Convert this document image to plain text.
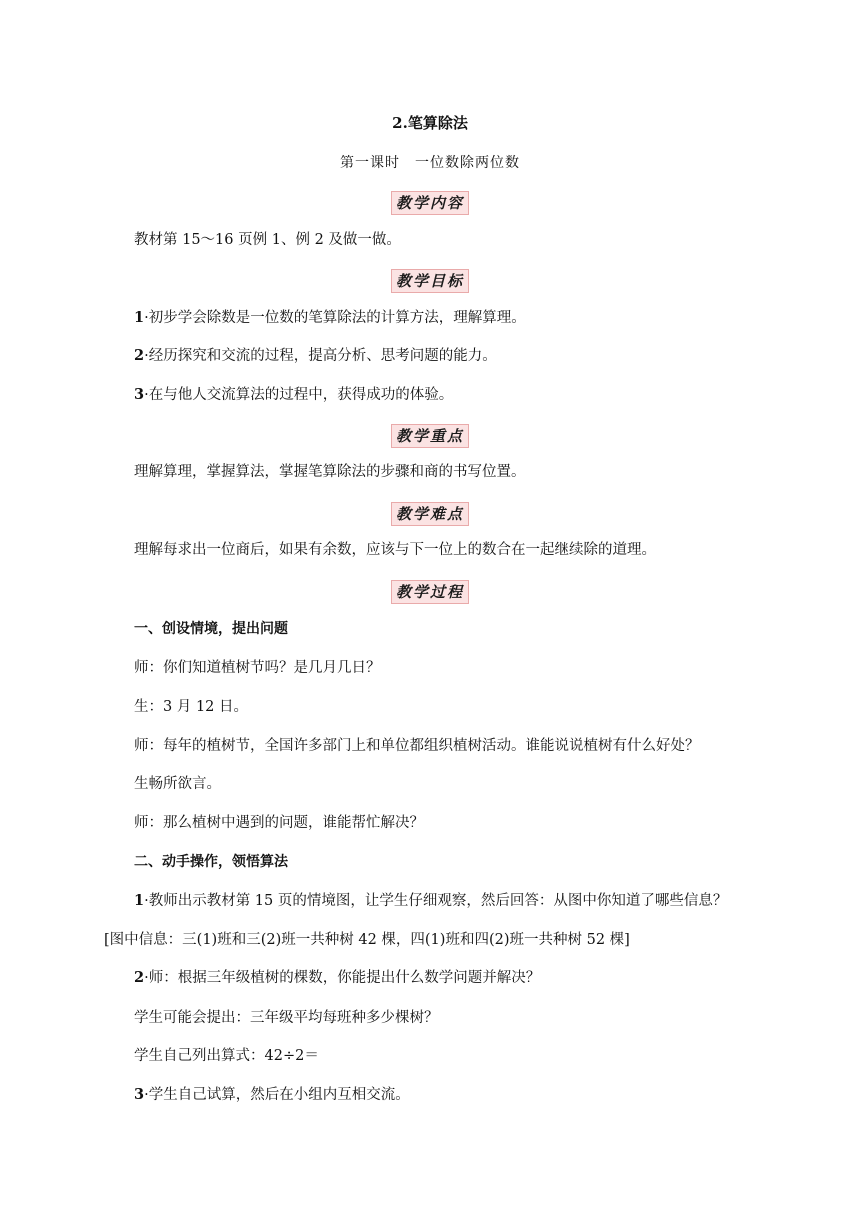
2.笔算除法
第一课时　一位数除两位数
教学内容
教材第 15～16 页例 1、例 2 及做一做。
教学目标
1·初步学会除数是一位数的笔算除法的计算方法，理解算理。
2·经历探究和交流的过程，提高分析、思考问题的能力。
3·在与他人交流算法的过程中，获得成功的体验。
教学重点
理解算理，掌握算法，掌握笔算除法的步骤和商的书写位置。
教学难点
理解每求出一位商后，如果有余数，应该与下一位上的数合在一起继续除的道理。
教学过程
一、创设情境，提出问题
师：你们知道植树节吗？是几月几日？
生：3 月 12 日。
师：每年的植树节，全国许多部门上和单位都组织植树活动。谁能说说植树有什么好处？
生畅所欲言。
师：那么植树中遇到的问题，谁能帮忙解决？
二、动手操作，领悟算法
1·教师出示教材第 15 页的情境图，让学生仔细观察，然后回答：从图中你知道了哪些信息？
[图中信息：三(1)班和三(2)班一共种树 42 棵，四(1)班和四(2)班一共种树 52 棵]
2·师：根据三年级植树的棵数，你能提出什么数学问题并解决？
学生可能会提出：三年级平均每班种多少棵树？
学生自己列出算式：42÷2＝
3·学生自己试算，然后在小组内互相交流。
